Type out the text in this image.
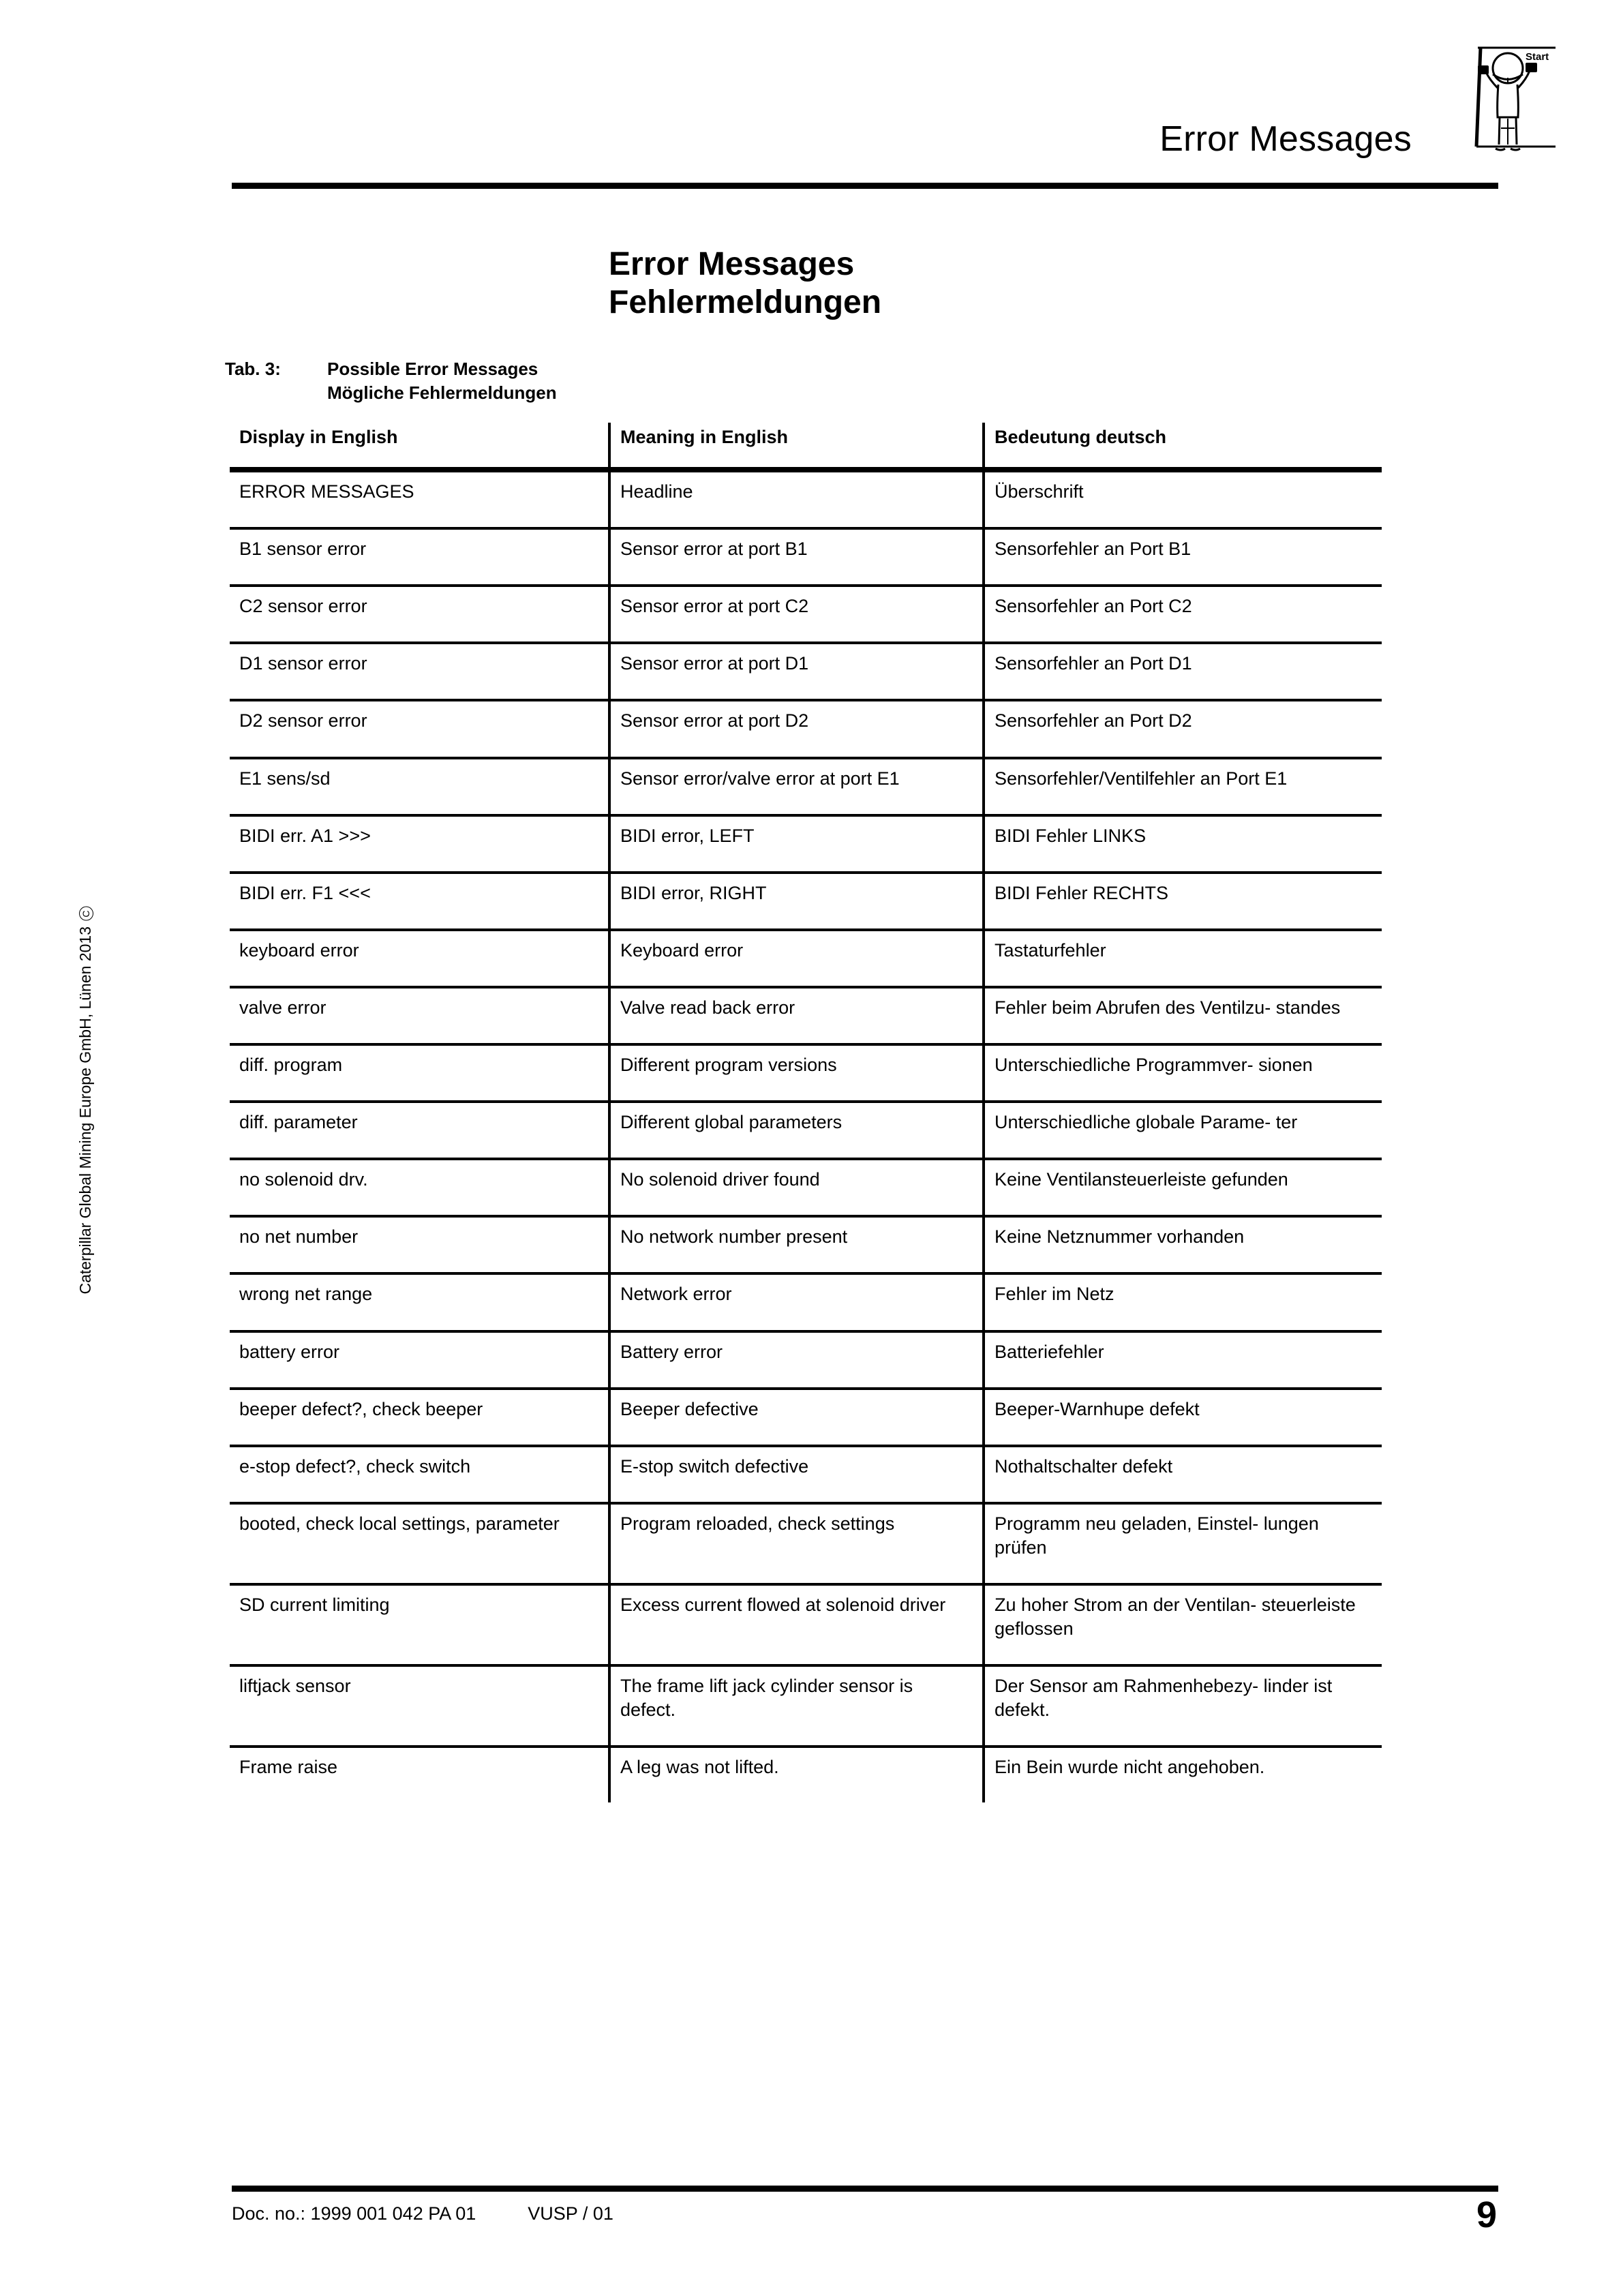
Error Messages
Start
Error Messages
Fehlermeldungen
Tab. 3:	Possible Error Messages
Mögliche Fehlermeldungen
Display in English	Meaning in English	Bedeutung deutsch
ERROR MESSAGES	Headline	Überschrift
B1 sensor error	Sensor error at port B1	Sensorfehler an Port B1
C2 sensor error	Sensor error at port C2	Sensorfehler an Port C2
D1 sensor error	Sensor error at port D1	Sensorfehler an Port D1
D2 sensor error	Sensor error at port D2	Sensorfehler an Port D2
E1 sens/sd	Sensor error/valve error at port E1	Sensorfehler/Ventilfehler an Port E1
BIDI err. A1 >>>	BIDI error, LEFT	BIDI Fehler LINKS
BIDI err. F1 <<<	BIDI error, RIGHT	BIDI Fehler RECHTS
keyboard error	Keyboard error	Tastaturfehler
valve error	Valve read back error	Fehler beim Abrufen des Ventilzu- standes
diff. program	Different program versions	Unterschiedliche Programmver- sionen
diff. parameter	Different global parameters	Unterschiedliche globale Parame- ter
no solenoid drv.	No solenoid driver found	Keine Ventilansteuerleiste gefunden
no net number	No network number present	Keine Netznummer vorhanden
wrong net range	Network error	Fehler im Netz
battery error	Battery error	Batteriefehler
beeper defect?, check beeper	Beeper defective	Beeper-Warnhupe defekt
e-stop defect?, check switch	E-stop switch defective	Nothaltschalter defekt
booted, check local settings, parameter	Program reloaded, check settings	Programm neu geladen, Einstel- lungen prüfen
SD current limiting	Excess current flowed at solenoid driver	Zu hoher Strom an der Ventilan- steuerleiste geflossen
liftjack sensor	The frame lift jack cylinder sensor is defect.	Der Sensor am Rahmenhebezy- linder ist defekt.
Frame raise	A leg was not lifted.	Ein Bein wurde nicht angehoben.
Caterpillar Global Mining Europe GmbH, Lünen 2013C
Doc. no.: 1999 001 042 PA 01	VUSP / 01	9
